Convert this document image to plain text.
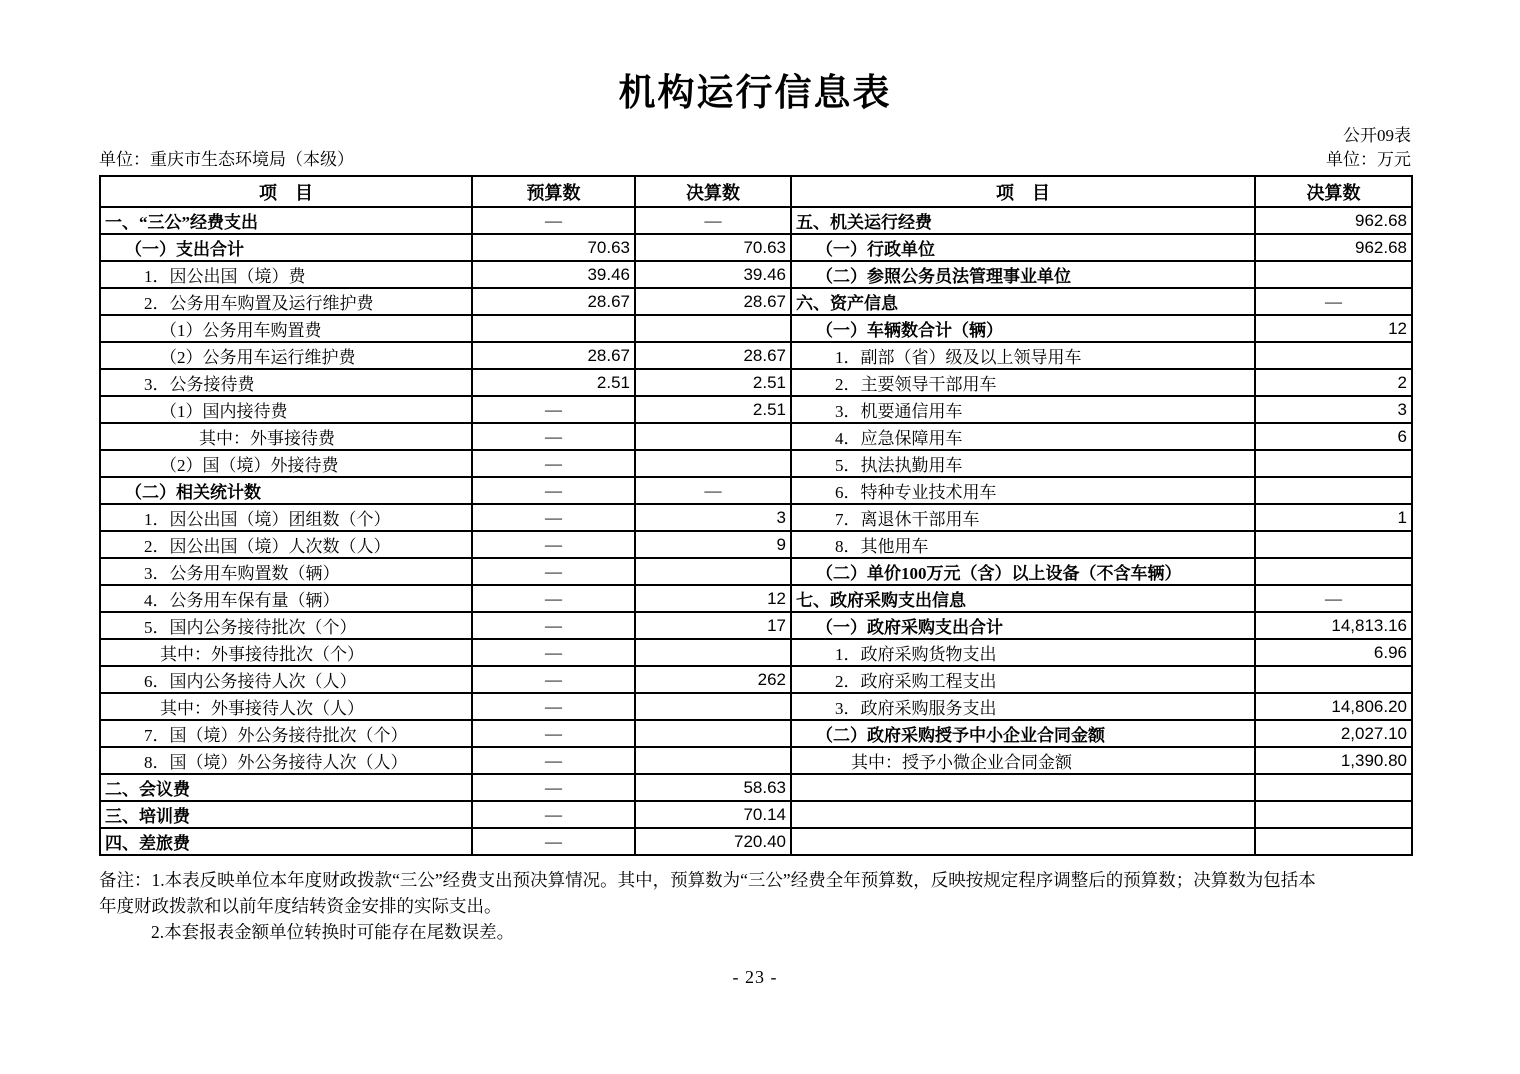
机构运行信息表
公开09表
单位：重庆市生态环境局（本级）	单位：万元
项　目	预算数	决算数	项　目	决算数
一、“三公”经费支出	—	—	五、机关运行经费	962.68
（一）支出合计	70.63	70.63	（一）行政单位	962.68
1．因公出国（境）费	39.46	39.46	（二）参照公务员法管理事业单位	
2．公务用车购置及运行维护费	28.67	28.67	六、资产信息	—
（1）公务用车购置费			（一）车辆数合计（辆）	12
（2）公务用车运行维护费	28.67	28.67	1．副部（省）级及以上领导用车	
3．公务接待费	2.51	2.51	2．主要领导干部用车	2
（1）国内接待费	—	2.51	3．机要通信用车	3
其中：外事接待费	—		4．应急保障用车	6
（2）国（境）外接待费	—		5．执法执勤用车	
（二）相关统计数	—	—	6．特种专业技术用车	
1．因公出国（境）团组数（个）	—	3	7．离退休干部用车	1
2．因公出国（境）人次数（人）	—	9	8．其他用车	
3．公务用车购置数（辆）	—		（二）单价100万元（含）以上设备（不含车辆）	
4．公务用车保有量（辆）	—	12	七、政府采购支出信息	—
5．国内公务接待批次（个）	—	17	（一）政府采购支出合计	14,813.16
其中：外事接待批次（个）	—		1．政府采购货物支出	6.96
6．国内公务接待人次（人）	—	262	2．政府采购工程支出	
其中：外事接待人次（人）	—		3．政府采购服务支出	14,806.20
7．国（境）外公务接待批次（个）	—		（二）政府采购授予中小企业合同金额	2,027.10
8．国（境）外公务接待人次（人）	—		其中：授予小微企业合同金额	1,390.80
二、会议费	—	58.63		
三、培训费	—	70.14		
四、差旅费	—	720.40		
备注：1.本表反映单位本年度财政拨款“三公”经费支出预决算情况。其中，预算数为“三公”经费全年预算数，反映按规定程序调整后的预算数；决算数为包括本
年度财政拨款和以前年度结转资金安排的实际支出。
2.本套报表金额单位转换时可能存在尾数误差。
- 23 -
